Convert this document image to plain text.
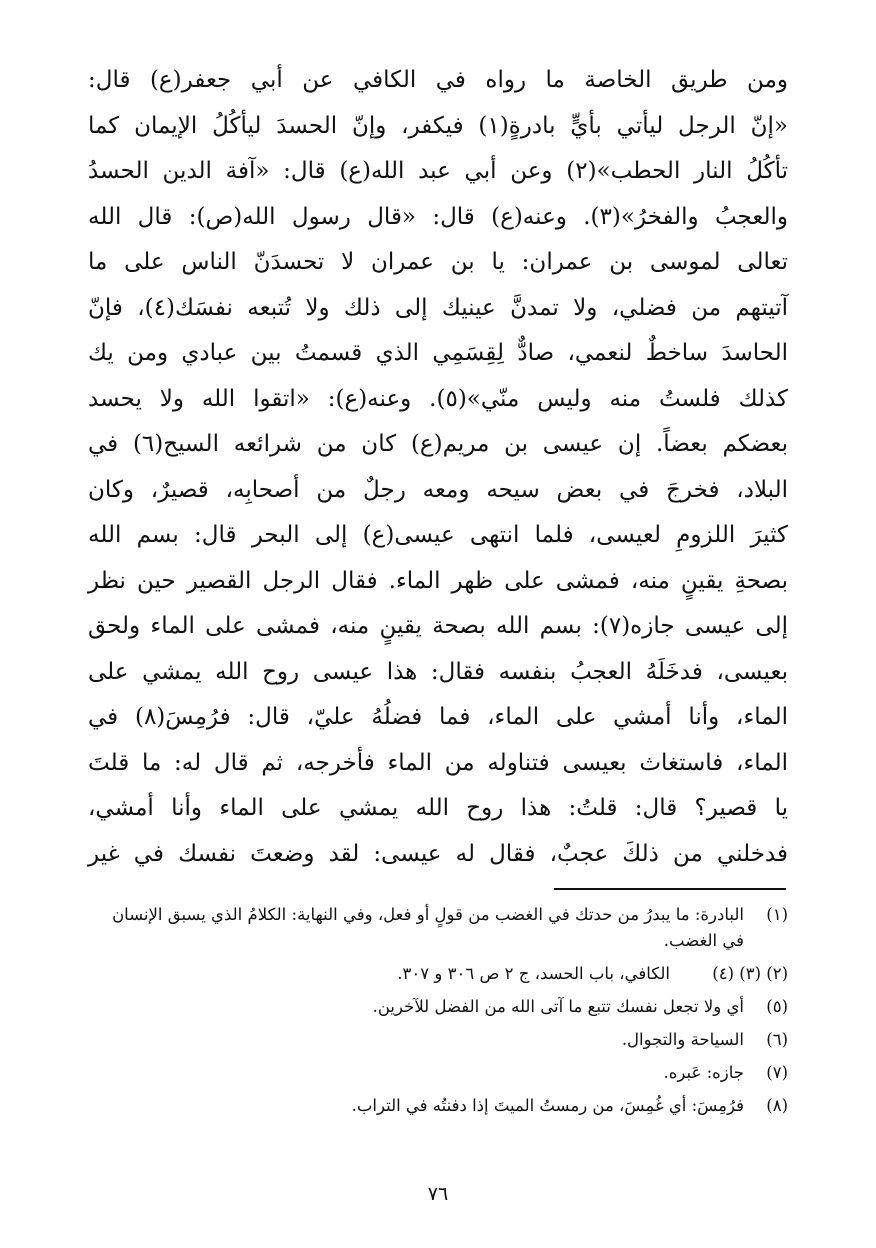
ومن طريق الخاصة ما رواه في الكافي عن أبي جعفر(ع) قال:
«إنّ الرجل ليأتي بأيٍّ بادرةٍ(١) فيكفر، وإنّ الحسدَ ليأكُلُ الإيمان كما
تأكُلُ النار الحطب»(٢) وعن أبي عبد الله(ع) قال: «آفة الدين الحسدُ
والعجبُ والفخرُ»(٣). وعنه(ع) قال: «قال رسول الله(ص): قال الله
تعالى لموسى بن عمران: يا بن عمران لا تحسدَنّ الناس على ما
آتيتهم من فضلي، ولا تمدنَّ عينيك إلى ذلك ولا تُتبعه نفسَك(٤)، فإنّ
الحاسدَ ساخطٌ لنعمي، صادٌّ لِقِسَمِي الذي قسمتُ بين عبادي ومن يك
كذلك فلستُ منه وليس منّي»(٥). وعنه(ع): «اتقوا الله ولا يحسد
بعضكم بعضاً. إن عيسى بن مريم(ع) كان من شرائعه السيح(٦) في
البلاد، فخرجَ في بعض سيحه ومعه رجلٌ من أصحابِه، قصيرٌ، وكان
كثيرَ اللزومِ لعيسى، فلما انتهى عيسى(ع) إلى البحر قال: بسم الله
بصحةِ يقينٍ منه، فمشى على ظهر الماء. فقال الرجل القصير حين نظر
إلى عيسى جازه(٧): بسم الله بصحة يقينٍ منه، فمشى على الماء ولحق
بعيسى، فدخَلَهُ العجبُ بنفسه فقال: هذا عيسى روح الله يمشي على
الماء، وأنا أمشي على الماء، فما فضلُهُ عليّ، قال: فرُمِسَ(٨) في
الماء، فاستغاث بعيسى فتناوله من الماء فأخرجه، ثم قال له: ما قلتَ
يا قصير؟ قال: قلتُ: هذا روح الله يمشي على الماء وأنا أمشي،
فدخلني من ذلكَ عجبٌ، فقال له عيسى: لقد وضعتَ نفسك في غير
(١)
البادرة: ما يبدرُ من حدتك في الغضب من قولٍ أو فعل، وفي النهاية: الكلامُ الذي يسبق الإنسان في الغضب.
(٢) (٣) (٤)
الكافي، باب الحسد، ج ٢ ص ٣٠٦ و ٣٠٧.
(٥)
أي ولا تجعل نفسك تتبع ما آتى الله من الفضل للآخرين.
(٦)
السياحة والتجوال.
(٧)
جازه: عَبره.
(٨)
فرُمِسَ: أي غُمِسَ، من رمستُ الميتَ إذا دفنتُه في التراب.
٧٦
